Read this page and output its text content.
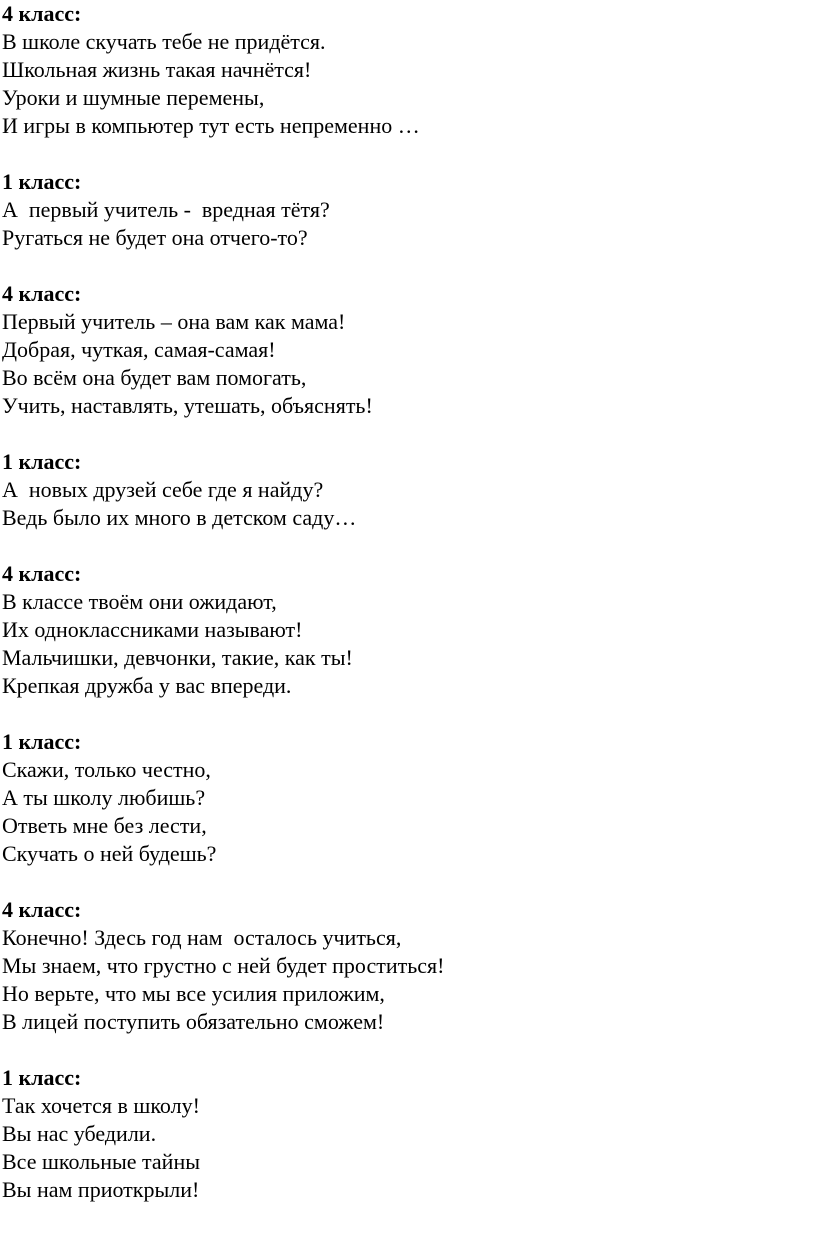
4 класс:
В школе скучать тебе не придётся.
Школьная жизнь такая начнётся!
Уроки и шумные перемены,
И игры в компьютер тут есть непременно …
1 класс:
А  первый учитель -  вредная тётя?
Ругаться не будет она отчего-то?
4 класс:
Первый учитель – она вам как мама!
Добрая, чуткая, самая-самая!
Во всём она будет вам помогать,
Учить, наставлять, утешать, объяснять!
1 класс:
А  новых друзей себе где я найду?
Ведь было их много в детском саду…
4 класс:
В классе твоём они ожидают,
Их одноклассниками называют!
Мальчишки, девчонки, такие, как ты!
Крепкая дружба у вас впереди.
1 класс:
Скажи, только честно,
А ты школу любишь?
Ответь мне без лести,
Скучать о ней будешь?
4 класс:
Конечно! Здесь год нам  осталось учиться,
Мы знаем, что грустно с ней будет проститься!
Но верьте, что мы все усилия приложим,
В лицей поступить обязательно сможем!
1 класс:
Так хочется в школу!
Вы нас убедили.
Все школьные тайны
Вы нам приоткрыли!
